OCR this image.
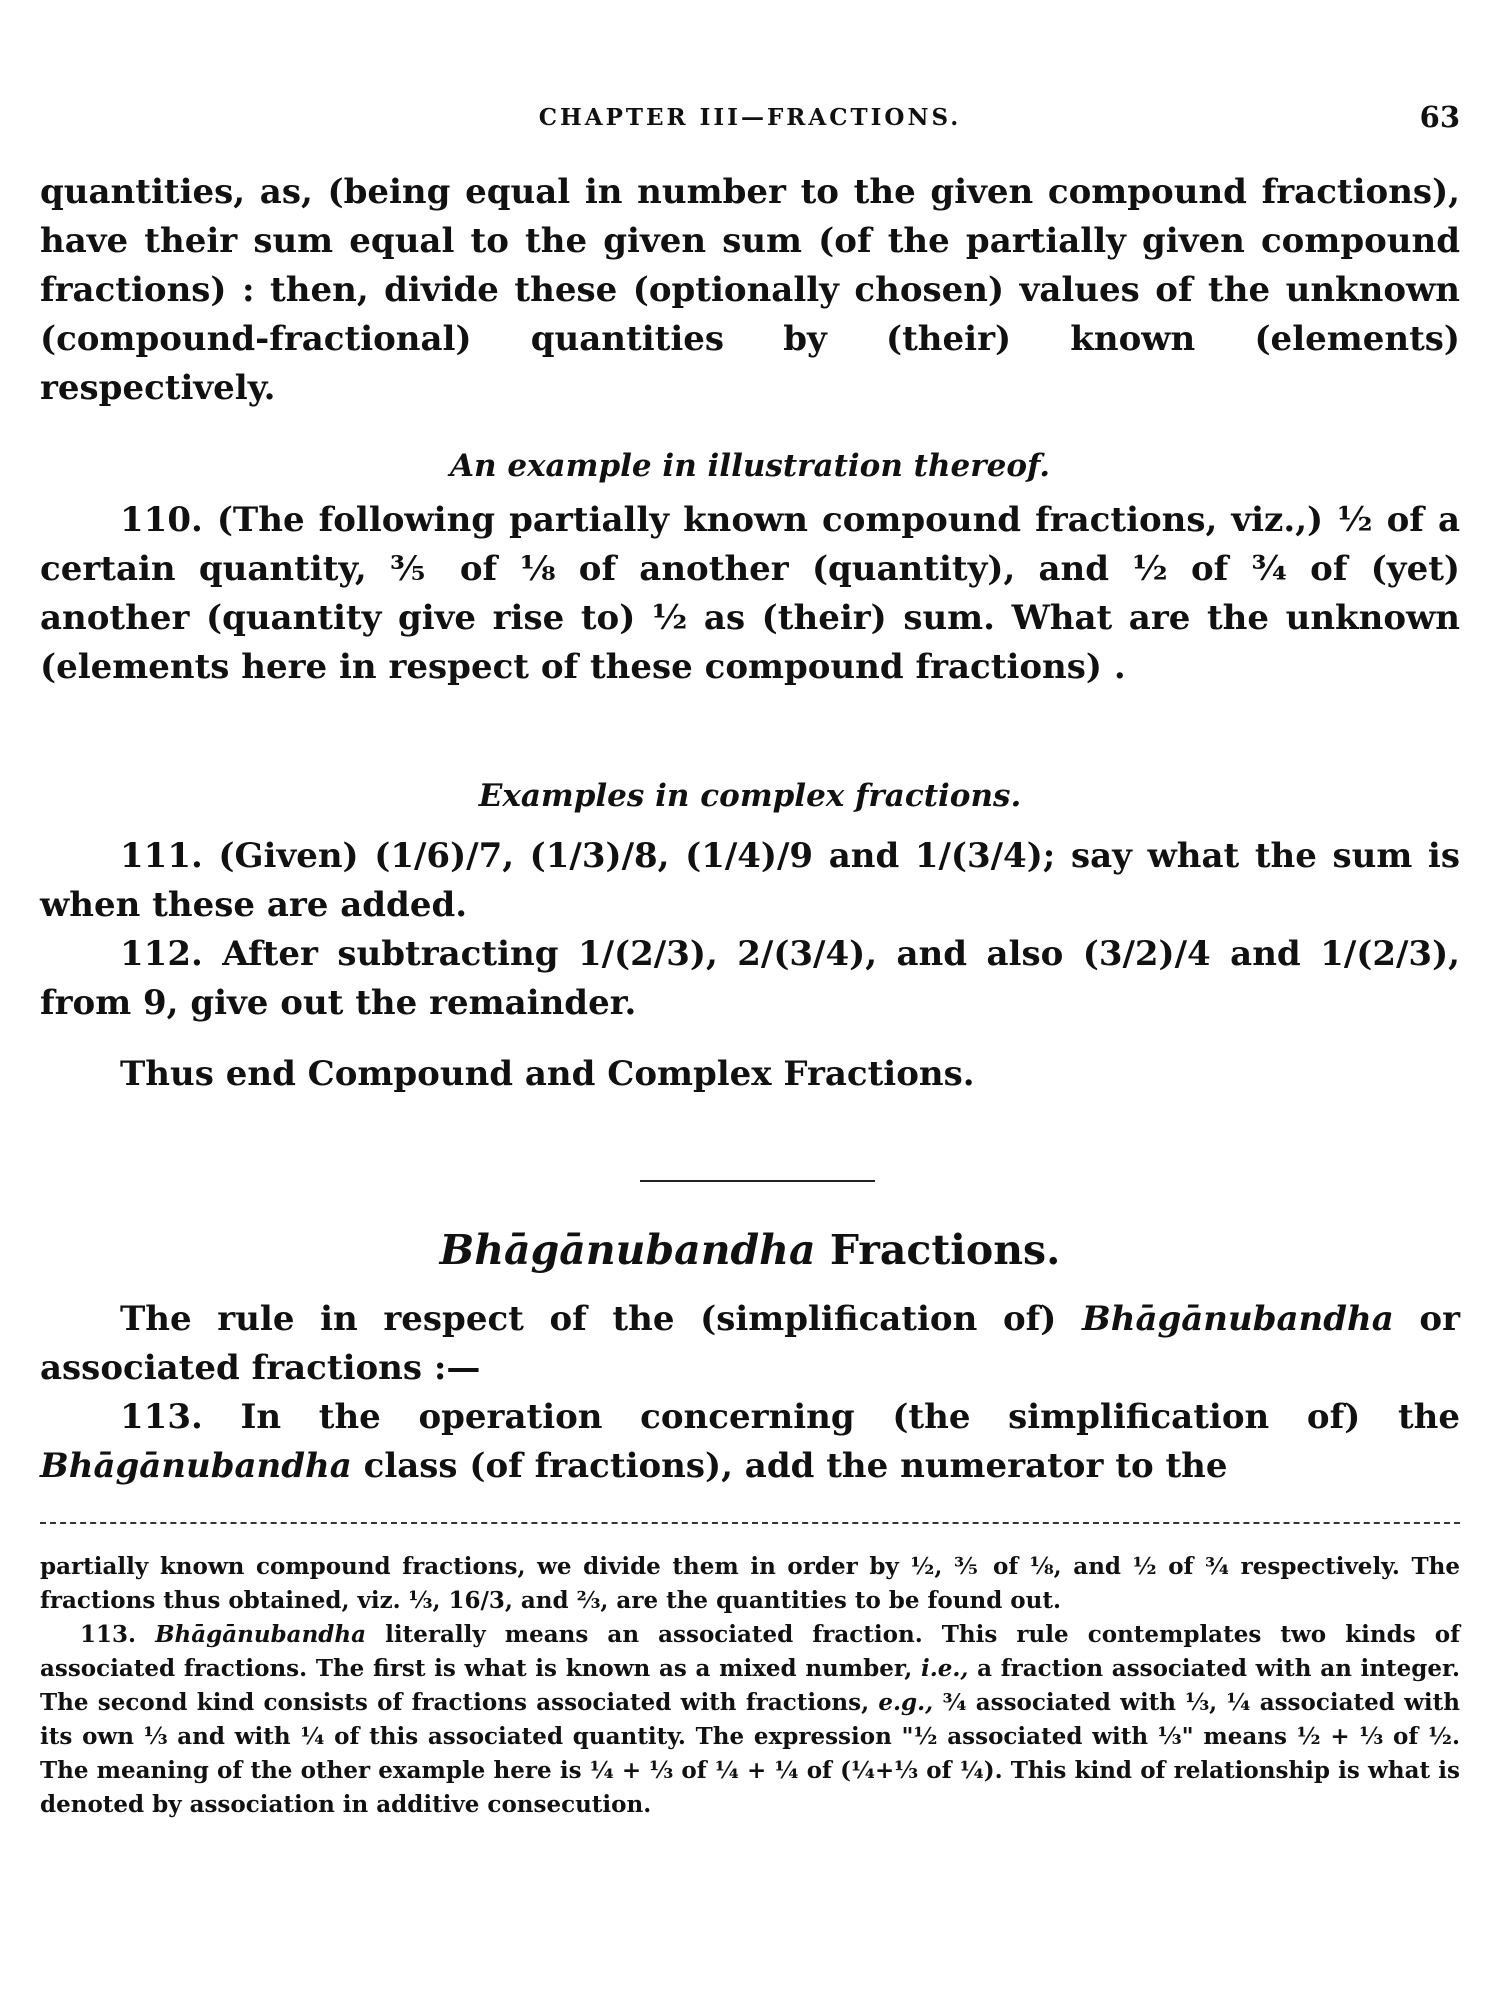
CHAPTER III—FRACTIONS.	63

quantities, as, (being equal in number to the given compound fractions), have their sum equal to the given sum (of the partially given compound fractions) : then, divide these (optionally chosen) values of the unknown (compound-fractional) quantities by (their) known (elements) respectively.

An example in illustration thereof.

110. (The following partially known compound fractions, viz.,) ½ of a certain quantity, ⅗ of ⅛ of another (quantity), and ½ of ¾ of (yet) another (quantity give rise to) ½ as (their) sum. What are the unknown (elements here in respect of these compound fractions) .

Examples in complex fractions.

111. (Given) (1/6)/7, (1/3)/8, (1/4)/9 and 1/(3/4); say what the sum is when these are added.

112. After subtracting 1/(2/3), 2/(3/4), and also (3/2)/4 and 1/(2/3), from 9, give out the remainder.

Thus end Compound and Complex Fractions.

Bhāgānubandha Fractions.

The rule in respect of the (simplification of) Bhāgānubandha or associated fractions :—

113. In the operation concerning (the simplification of) the Bhāgānubandha class (of fractions), add the numerator to the

partially known compound fractions, we divide them in order by ½, ⅗ of ⅛, and ½ of ¾ respectively. The fractions thus obtained, viz. ⅓, 16/3, and ⅔, are the quantities to be found out.

113. Bhāgānubandha literally means an associated fraction. This rule contemplates two kinds of associated fractions. The first is what is known as a mixed number, i.e., a fraction associated with an integer. The second kind consists of fractions associated with fractions, e.g., ¾ associated with ⅓, ¼ associated with its own ⅓ and with ¼ of this associated quantity. The expression "½ associated with ⅓" means ½ + ⅓ of ½. The meaning of the other example here is ¼ + ⅓ of ¼ + ¼ of (¼+⅓ of ¼). This kind of relationship is what is denoted by association in additive consecution.
